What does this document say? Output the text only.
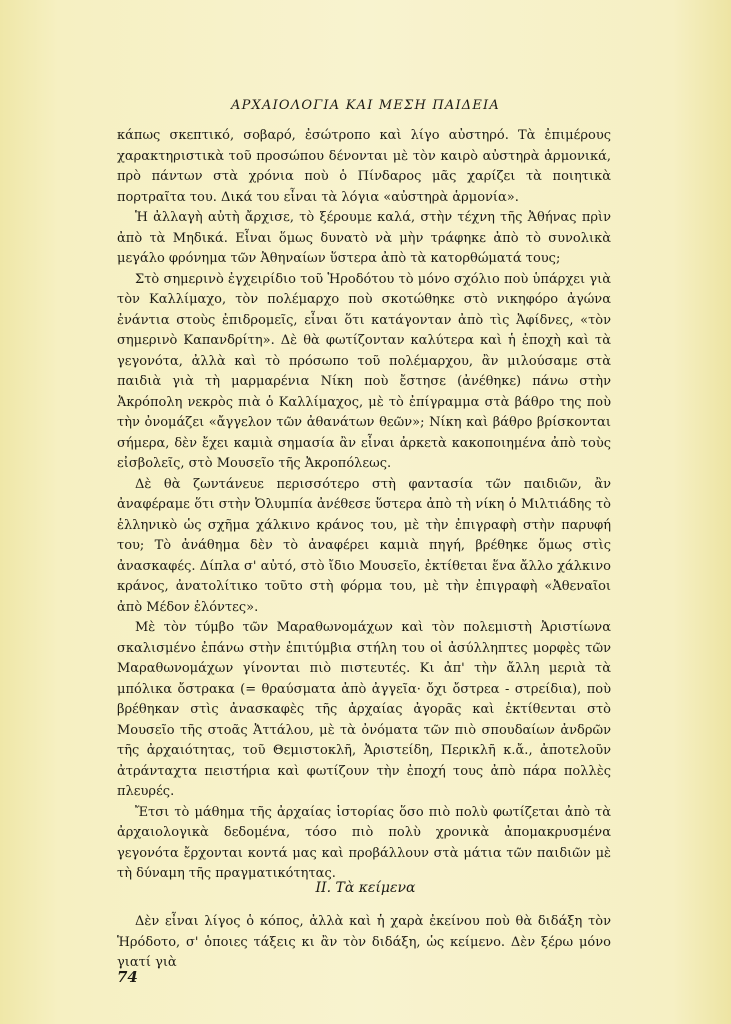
ΑΡΧΑΙΟΛΟΓΙΑ ΚΑΙ ΜΕΣΗ ΠΑΙΔΕΙΑ

κάπως σκεπτικό, σοβαρό, ἐσώτροπο καὶ λίγο αὐστηρό. Τὰ ἐπιμέρους χαρακτηριστικὰ τοῦ προσώπου δένονται μὲ τὸν καιρὸ αὐστηρὰ ἁρμονικά, πρὸ πάντων στὰ χρόνια ποὺ ὁ Πίνδαρος μᾶς χαρίζει τὰ ποιητικὰ πορτραῖτα του. Δικά του εἶναι τὰ λόγια «αὐστηρὰ ἁρμονία».

Ἡ ἀλλαγὴ αὐτὴ ἄρχισε, τὸ ξέρουμε καλά, στὴν τέχνη τῆς Ἀθήνας πρὶν ἀπὸ τὰ Μηδικά. Εἶναι ὅμως δυνατὸ νὰ μὴν τράφηκε ἀπὸ τὸ συνολικὰ μεγάλο φρόνημα τῶν Ἀθηναίων ὕστερα ἀπὸ τὰ κατορθώματά τους;

Στὸ σημερινὸ ἐγχειρίδιο τοῦ Ἡροδότου τὸ μόνο σχόλιο ποὺ ὑπάρχει γιὰ τὸν Καλλίμαχο, τὸν πολέμαρχο ποὺ σκοτώθηκε στὸ νικηφόρο ἀγώνα ἐνάντια στοὺς ἐπιδρομεῖς, εἶναι ὅτι κατάγονταν ἀπὸ τὶς Ἀφίδνες, «τὸν σημερινὸ Καπανδρίτη». Δὲ θὰ φωτίζονταν καλύτερα καὶ ἡ ἐποχὴ καὶ τὰ γεγονότα, ἀλλὰ καὶ τὸ πρόσωπο τοῦ πολέμαρχου, ἂν μιλούσαμε στὰ παιδιὰ γιὰ τὴ μαρμαρένια Νίκη ποὺ ἔστησε (ἀνέθηκε) πάνω στὴν Ἀκρόπολη νεκρὸς πιὰ ὁ Καλλίμαχος, μὲ τὸ ἐπίγραμμα στὰ βάθρο της ποὺ τὴν ὀνομάζει «ἄγγελον τῶν ἀθανάτων θεῶν»; Νίκη καὶ βάθρο βρίσκονται σήμερα, δὲν ἔχει καμιὰ σημασία ἂν εἶναι ἀρκετὰ κακοποιημένα ἀπὸ τοὺς εἰσβολεῖς, στὸ Μουσεῖο τῆς Ἀκροπόλεως.

Δὲ θὰ ζωντάνευε περισσότερο στὴ φαντασία τῶν παιδιῶν, ἂν ἀναφέραμε ὅτι στὴν Ὀλυμπία ἀνέθεσε ὕστερα ἀπὸ τὴ νίκη ὁ Μιλτιάδης τὸ ἑλληνικὸ ὡς σχῆμα χάλκινο κράνος του, μὲ τὴν ἐπιγραφὴ στὴν παρυφή του; Τὸ ἀνάθημα δὲν τὸ ἀναφέρει καμιὰ πηγή, βρέθηκε ὅμως στὶς ἀνασκαφές. Δίπλα σ' αὐτό, στὸ ἴδιο Μουσεῖο, ἐκτίθεται ἕνα ἄλλο χάλκινο κράνος, ἀνατολίτικο τοῦτο στὴ φόρμα του, μὲ τὴν ἐπιγραφὴ «Ἀθεναῖοι ἀπὸ Μέδον ἑλόντες».

Μὲ τὸν τύμβο τῶν Μαραθωνομάχων καὶ τὸν πολεμιστὴ Ἀριστίωνα σκαλισμένο ἐπάνω στὴν ἐπιτύμβια στήλη του οἱ ἀσύλληπτες μορφὲς τῶν Μαραθωνομάχων γίνονται πιὸ πιστευτές. Κι ἀπ' τὴν ἄλλη μεριὰ τὰ μπόλικα ὄστρακα (= θραύσματα ἀπὸ ἀγγεῖα· ὄχι ὄστρεα - στρείδια), ποὺ βρέθηκαν στὶς ἀνασκαφὲς τῆς ἀρχαίας ἀγορᾶς καὶ ἐκτίθενται στὸ Μουσεῖο τῆς στοᾶς Ἀττάλου, μὲ τὰ ὀνόματα τῶν πιὸ σπουδαίων ἀνδρῶν τῆς ἀρχαιότητας, τοῦ Θεμιστοκλῆ, Ἀριστείδη, Περικλῆ κ.ἄ., ἀποτελοῦν ἀτράνταχτα πειστήρια καὶ φωτίζουν τὴν ἐποχή τους ἀπὸ πάρα πολλὲς πλευρές.

Ἔτσι τὸ μάθημα τῆς ἀρχαίας ἱστορίας ὅσο πιὸ πολὺ φωτίζεται ἀπὸ τὰ ἀρχαιολογικὰ δεδομένα, τόσο πιὸ πολὺ χρονικὰ ἀπομακρυσμένα γεγονότα ἔρχονται κοντά μας καὶ προβάλλουν στὰ μάτια τῶν παιδιῶν μὲ τὴ δύναμη τῆς πραγματικότητας.

ΙΙ. Τὰ κείμενα

Δὲν εἶναι λίγος ὁ κόπος, ἀλλὰ καὶ ἡ χαρὰ ἐκείνου ποὺ θὰ διδάξη τὸν Ἡρόδοτο, σ' ὁποιες τάξεις κι ἂν τὸν διδάξη, ὡς κείμενο. Δὲν ξέρω μόνο γιατί γιὰ

74
